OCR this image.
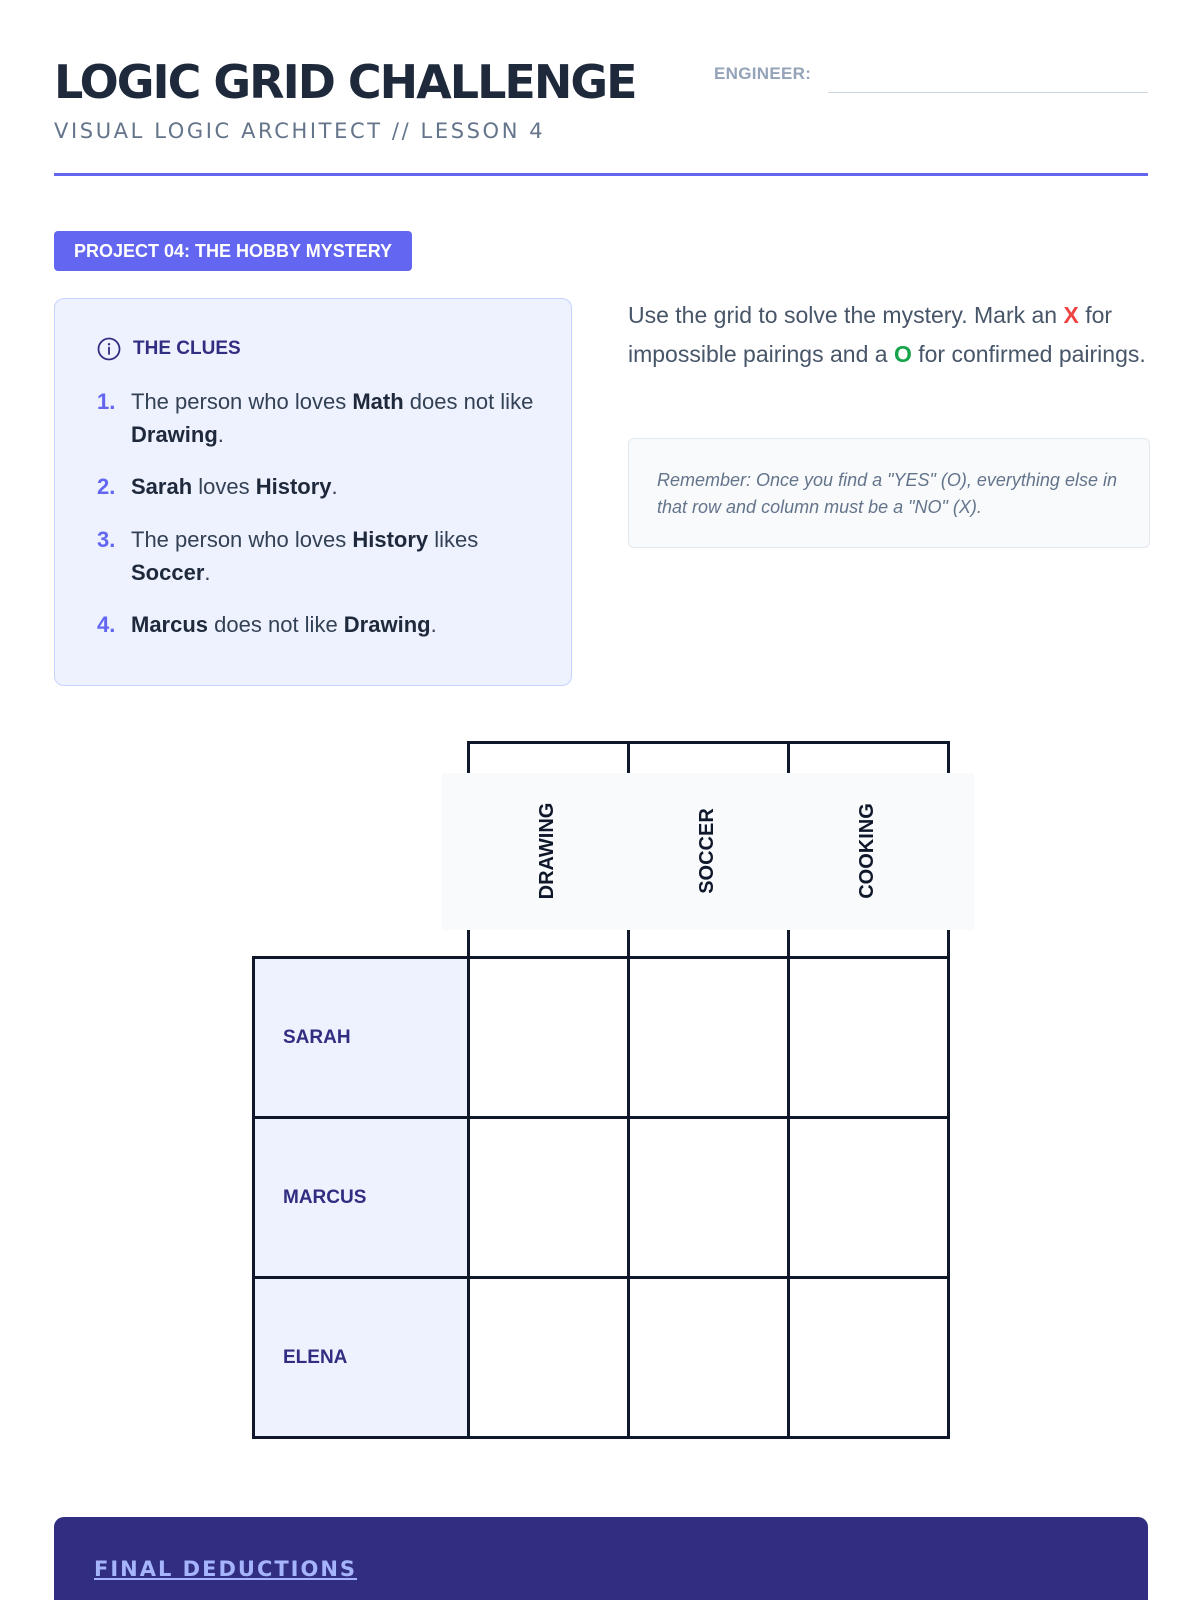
LOGIC GRID CHALLENGE
VISUAL LOGIC ARCHITECT // LESSON 4
ENGINEER:
PROJECT 04: THE HOBBY MYSTERY
THE CLUES
1. The person who loves Math does not like Drawing.
2. Sarah loves History.
3. The person who loves History likes Soccer.
4. Marcus does not like Drawing.
Use the grid to solve the mystery. Mark an X for impossible pairings and a O for confirmed pairings.
Remember: Once you find a "YES" (O), everything else in that row and column must be a "NO" (X).
SARAH
MARCUS
ELENA
DRAWING	SOCCER	COOKING
FINAL DEDUCTIONS
